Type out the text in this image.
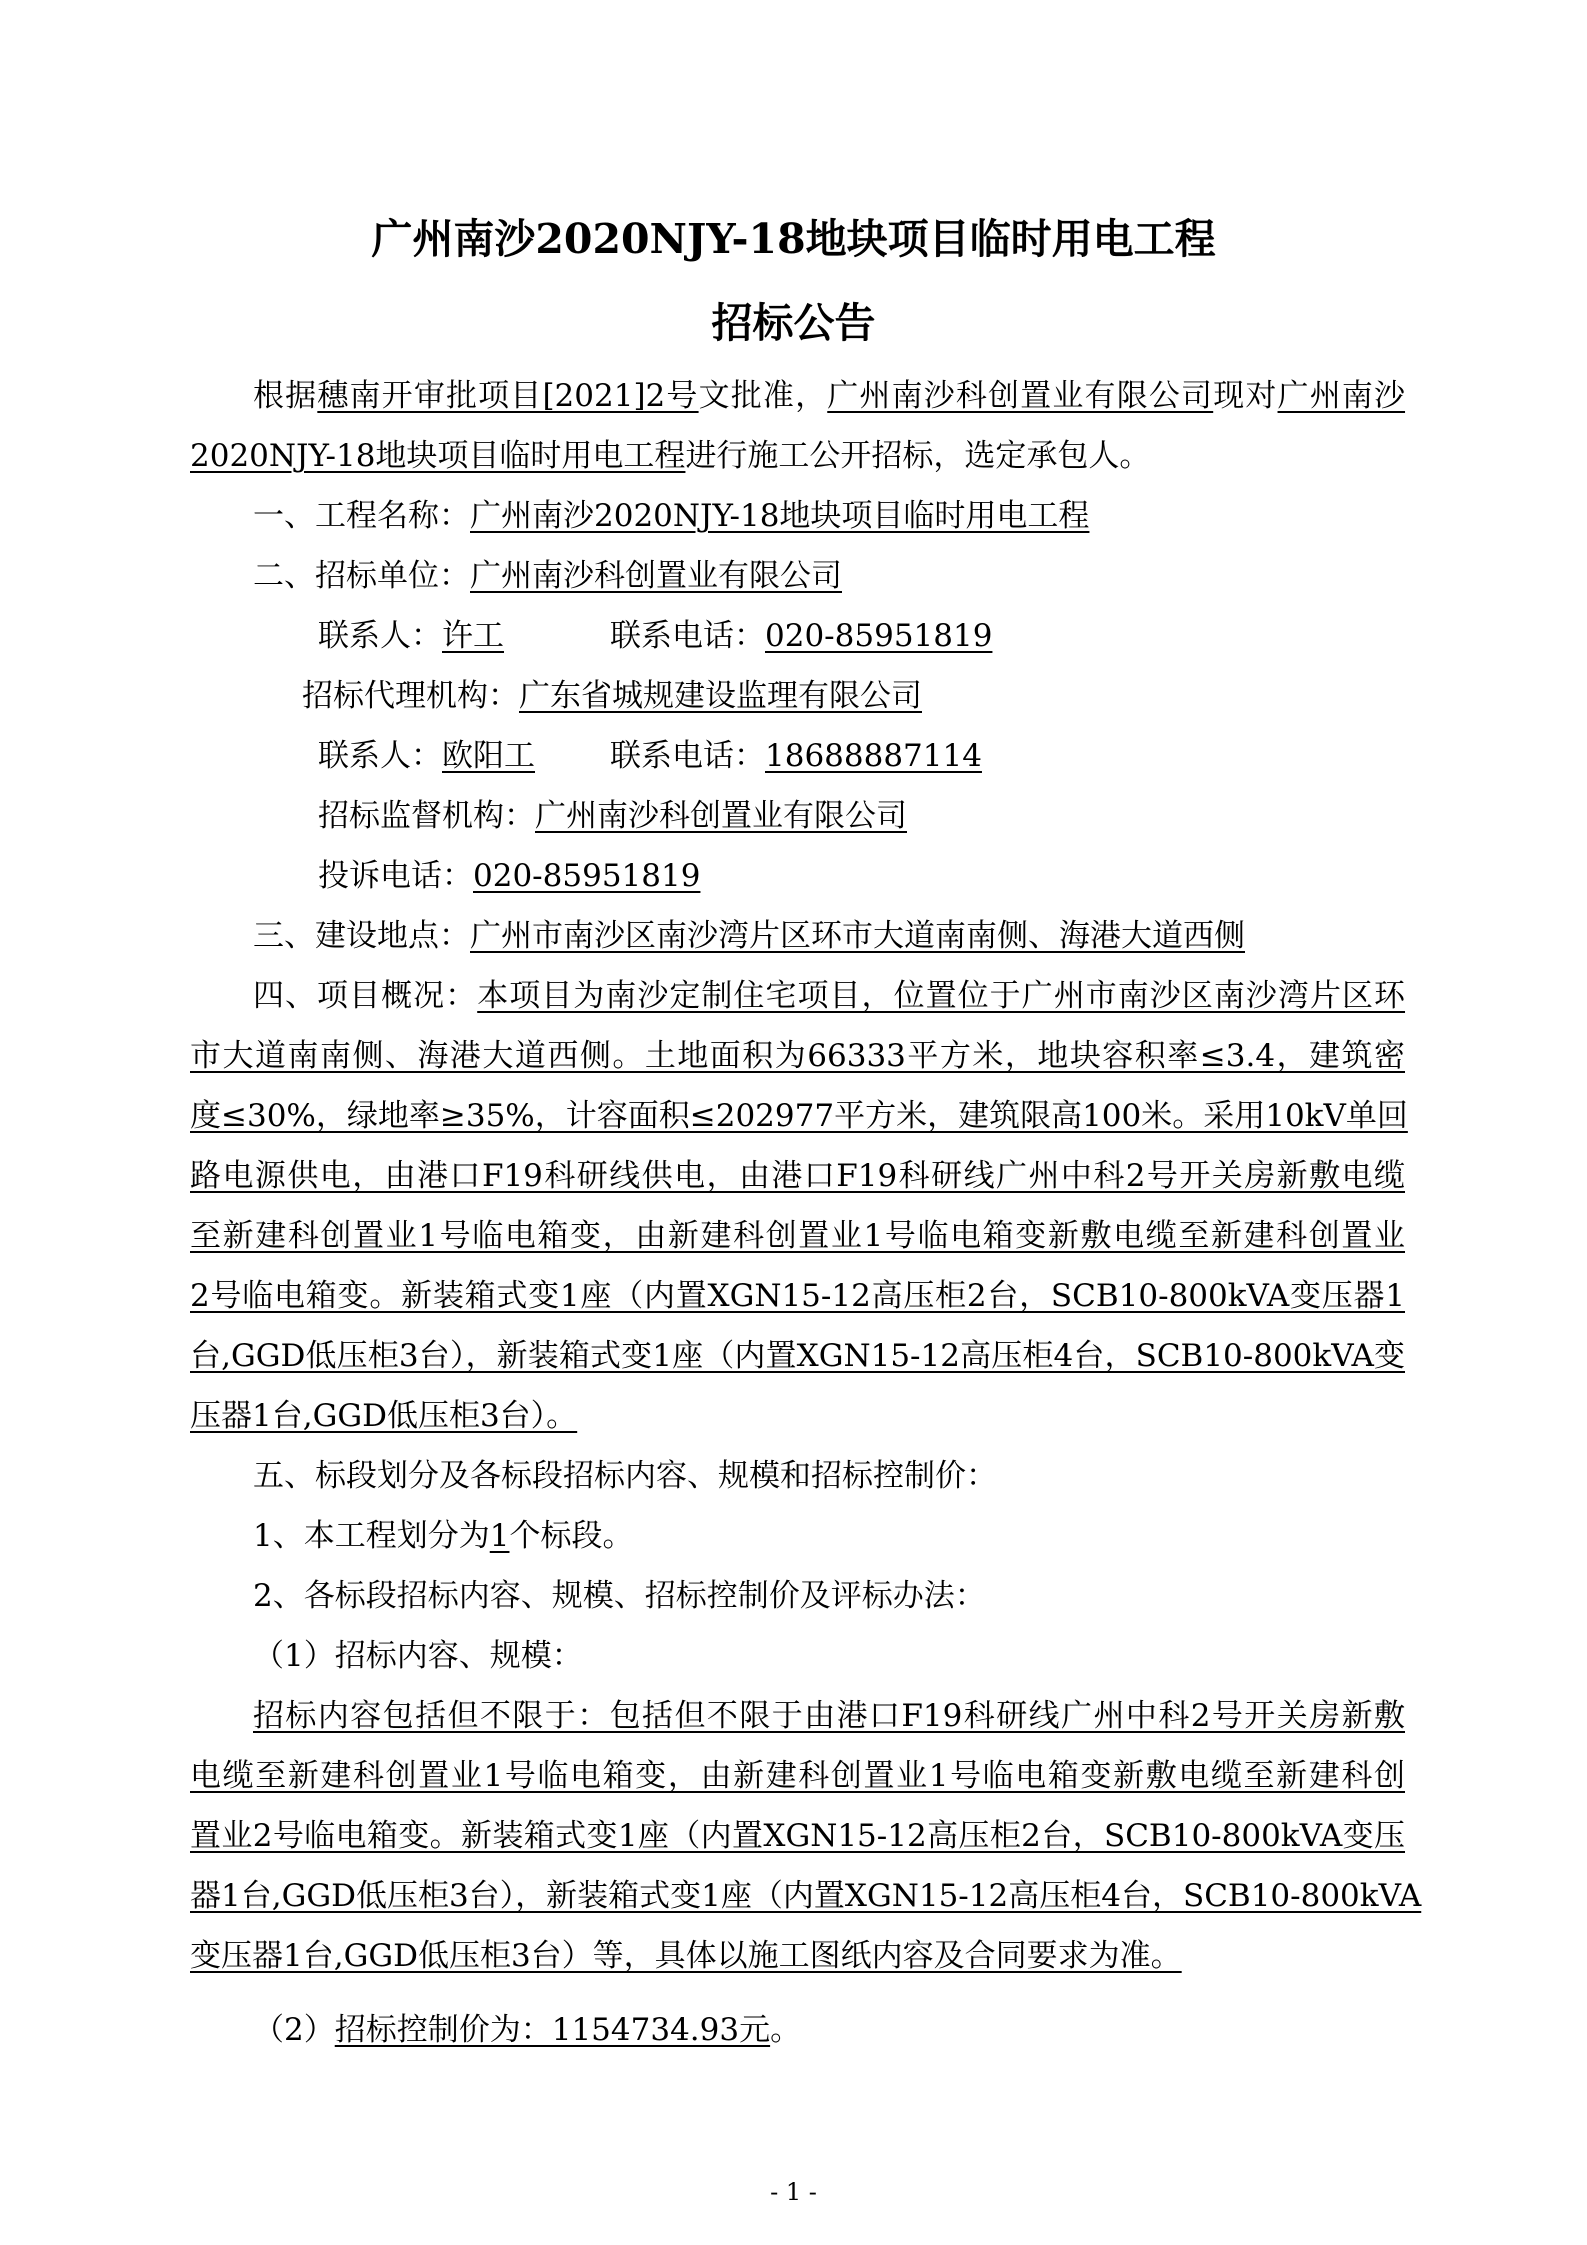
广州南沙2020NJY-18地块项目临时用电工程
招标公告
根据穗南开审批项目[2021]2号文批准，广州南沙科创置业有限公司现对广州南沙
2020NJY-18地块项目临时用电工程进行施工公开招标，选定承包人。
一、工程名称：广州南沙2020NJY-18地块项目临时用电工程
二、招标单位：广州南沙科创置业有限公司
联系人：许工	联系电话：020-85951819
招标代理机构：广东省城规建设监理有限公司
联系人：欧阳工 联系电话：18688887114
招标监督机构：广州南沙科创置业有限公司
投诉电话：020-85951819
三、建设地点：广州市南沙区南沙湾片区环市大道南南侧、海港大道西侧
四、项目概况：本项目为南沙定制住宅项目，位置位于广州市南沙区南沙湾片区环
市大道南南侧、海港大道西侧。土地面积为66333平方米，地块容积率≤3.4，建筑密
度≤30%，绿地率≥35%，计容面积≤202977平方米，建筑限高100米。采用10kV单回
路电源供电，由港口F19科研线供电，由港口F19科研线广州中科2号开关房新敷电缆
至新建科创置业1号临电箱变，由新建科创置业1号临电箱变新敷电缆至新建科创置业
2号临电箱变。新装箱式变1座（内置XGN15-12高压柜2台，SCB10-800kVA变压器1
台,GGD低压柜3台），新装箱式变1座（内置XGN15-12高压柜4台，SCB10-800kVA变
压器1台,GGD低压柜3台）。
五、标段划分及各标段招标内容、规模和招标控制价：
1、本工程划分为1个标段。
2、各标段招标内容、规模、招标控制价及评标办法：
（1）招标内容、规模：
招标内容包括但不限于：包括但不限于由港口F19科研线广州中科2号开关房新敷
电缆至新建科创置业1号临电箱变，由新建科创置业1号临电箱变新敷电缆至新建科创
置业2号临电箱变。新装箱式变1座（内置XGN15-12高压柜2台，SCB10-800kVA变压
器1台,GGD低压柜3台），新装箱式变1座（内置XGN15-12高压柜4台，SCB10-800kVA
变压器1台,GGD低压柜3台）等，具体以施工图纸内容及合同要求为准。
（2）招标控制价为：1154734.93元。
- 1 -
